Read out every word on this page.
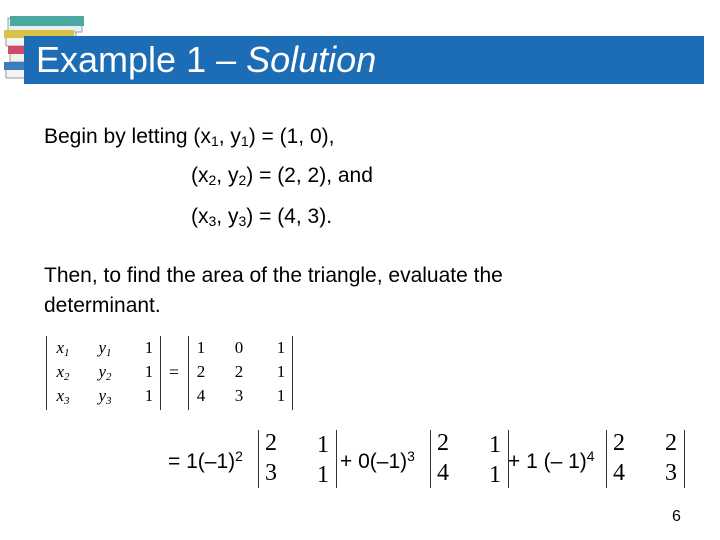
Example 1 – Solution
Begin by letting ($x_1$, $y_1) = (1$, 0),
($x_2$, $y_2) = (2$, 2), and
($x_3$, $y_3) = (4$, 3).
Then, to find the area of the triangle, evaluate the
determinant.
$x_1$ $y_1$ 1
$x_2$ $y_2$ 1
$x_3$ $y_3$ 1
=
1 0 1
2 2 1
4 3 1
= $1(-1)^2$ 2 1
3 1
+ $0(-1)^3$ 2 1
4 1
+ 1 (– 1)$^4$ 2 2
4 3
6
